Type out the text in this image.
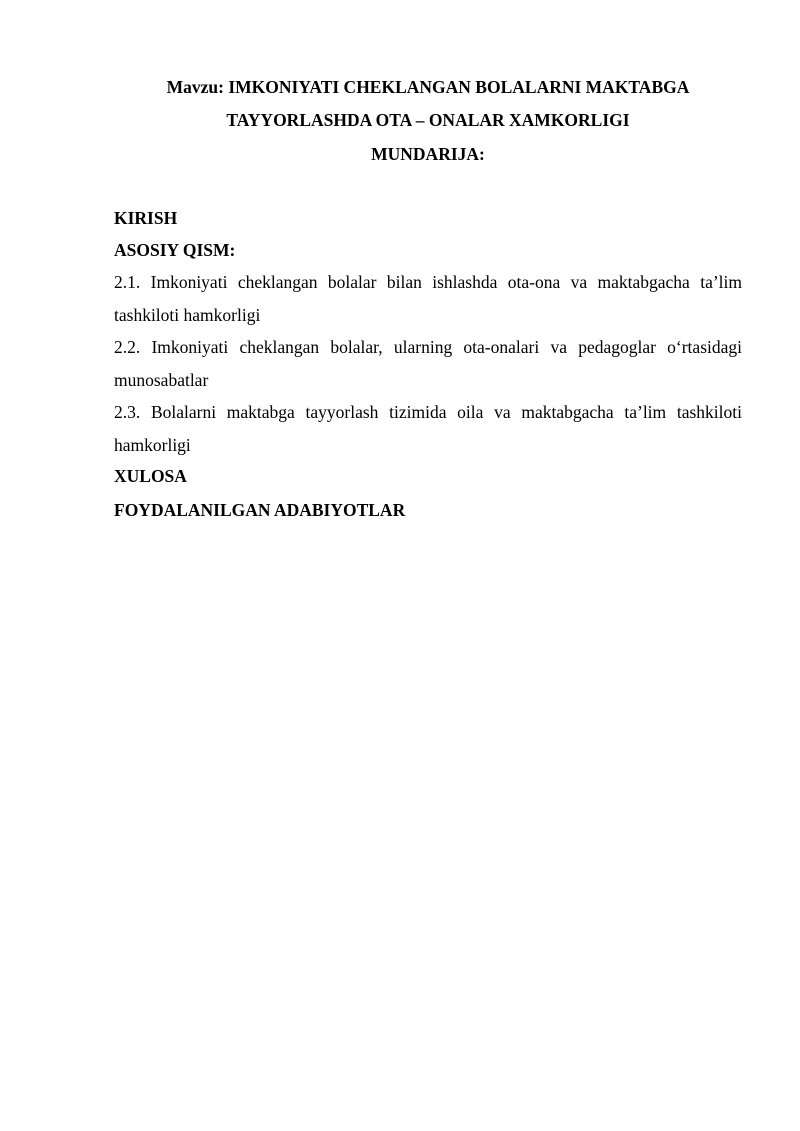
Mavzu: IMKONIYATI CHEKLANGAN BOLALARNI MAKTABGA
TAYYORLASHDA OTA – ONALAR XAMKORLIGI
MUNDARIJA:
KIRISH
ASOSIY QISM:
2.1. Imkoniyati cheklangan bolalar bilan ishlashda ota-ona va maktabgacha ta’lim
tashkiloti hamkorligi
2.2. Imkoniyati cheklangan bolalar, ularning ota-onalari va pedagoglar o‘rtasidagi
munosabatlar
2.3. Bolalarni maktabga tayyorlash tizimida oila va maktabgacha ta’lim tashkiloti
hamkorligi
XULOSA
FOYDALANILGAN ADABIYOTLAR
